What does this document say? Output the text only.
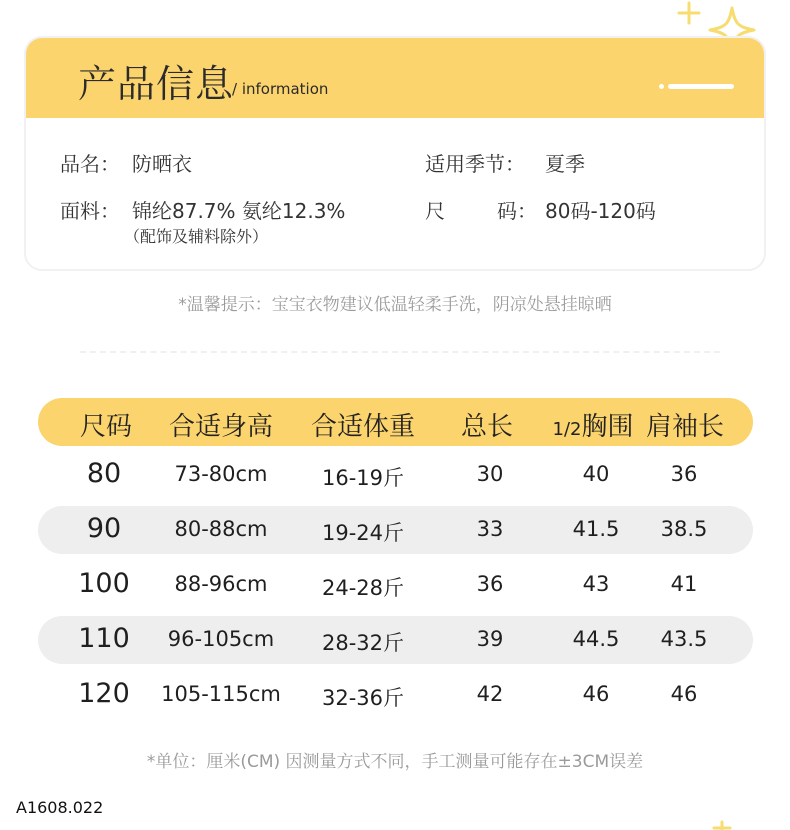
产品信息
/ information
品名： 防晒衣	适用季节： 夏季
面料： 锦纶87.7% 氨纶12.3%
（配饰及辅料除外）
尺	码： 80码-120码
*温馨提示：宝宝衣物建议低温轻柔手洗，阴凉处悬挂晾晒
尺码 合适身高 合适体重 总长 1/2胸围 肩袖长
80	73-80cm	16-19斤	30	40	36
90	80-88cm	19-24斤	33	41.5 38.5
100 88-96cm	24-28斤	36	43	41
110 96-105cm 28-32斤	39	44.5 43.5
120 105-115cm 32-36斤	42	46	46
*单位：厘米(CM) 因测量方式不同，手工测量可能存在±3CM误差
A1608.022
